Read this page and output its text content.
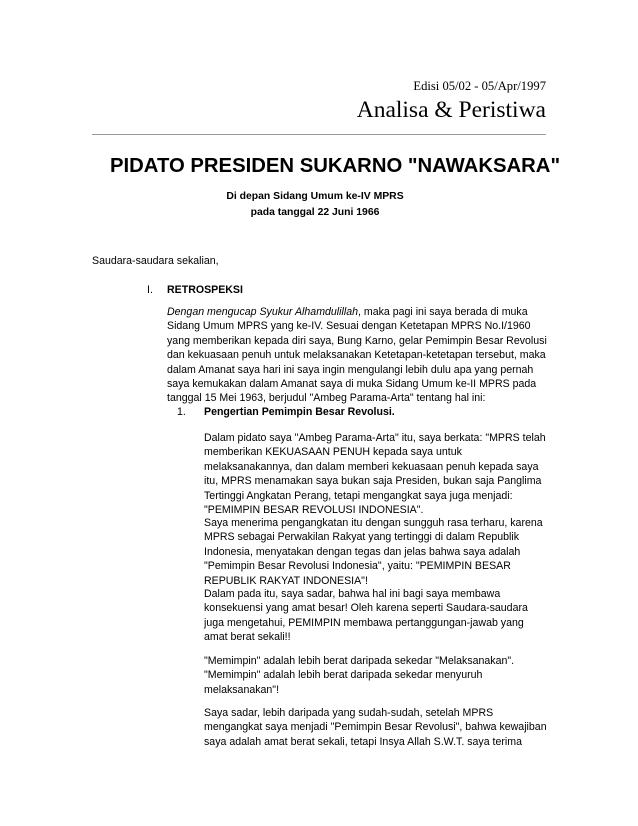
Edisi 05/02 - 05/Apr/1997
Analisa & Peristiwa
PIDATO PRESIDEN SUKARNO "NAWAKSARA"
Di depan Sidang Umum ke-IV MPRS
pada tanggal 22 Juni 1966
Saudara-saudara sekalian,
I. RETROSPEKSI
Dengan mengucap Syukur Alhamdulillah, maka pagi ini saya berada di muka
Sidang Umum MPRS yang ke-IV. Sesuai dengan Ketetapan MPRS No.I/1960
yang memberikan kepada diri saya, Bung Karno, gelar Pemimpin Besar Revolusi
dan kekuasaan penuh untuk melaksanakan Ketetapan-ketetapan tersebut, maka
dalam Amanat saya hari ini saya ingin mengulangi lebih dulu apa yang pernah
saya kemukakan dalam Amanat saya di muka Sidang Umum ke-II MPRS pada
tanggal 15 Mei 1963, berjudul "Ambeg Parama-Arta" tentang hal ini:
1. Pengertian Pemimpin Besar Revolusi.
Dalam pidato saya "Ambeg Parama-Arta" itu, saya berkata: "MPRS telah
memberikan KEKUASAAN PENUH kepada saya untuk
melaksanakannya, dan dalam memberi kekuasaan penuh kepada saya
itu, MPRS menamakan saya bukan saja Presiden, bukan saja Panglima
Tertinggi Angkatan Perang, tetapi mengangkat saya juga menjadi:
"PEMIMPIN BESAR REVOLUSI INDONESIA".
Saya menerima pengangkatan itu dengan sungguh rasa terharu, karena
MPRS sebagai Perwakilan Rakyat yang tertinggi di dalam Republik
Indonesia, menyatakan dengan tegas dan jelas bahwa saya adalah
"Pemimpin Besar Revolusi Indonesia", yaitu: "PEMIMPIN BESAR
REPUBLIK RAKYAT INDONESIA"!
Dalam pada itu, saya sadar, bahwa hal ini bagi saya membawa
konsekuensi yang amat besar! Oleh karena seperti Saudara-saudara
juga mengetahui, PEMIMPIN membawa pertanggungan-jawab yang
amat berat sekali!!
"Memimpin" adalah lebih berat daripada sekedar "Melaksanakan".
"Memimpin" adalah lebih berat daripada sekedar menyuruh
melaksanakan"!
Saya sadar, lebih daripada yang sudah-sudah, setelah MPRS
mengangkat saya menjadi "Pemimpin Besar Revolusi", bahwa kewajiban
saya adalah amat berat sekali, tetapi Insya Allah S.W.T. saya terima
